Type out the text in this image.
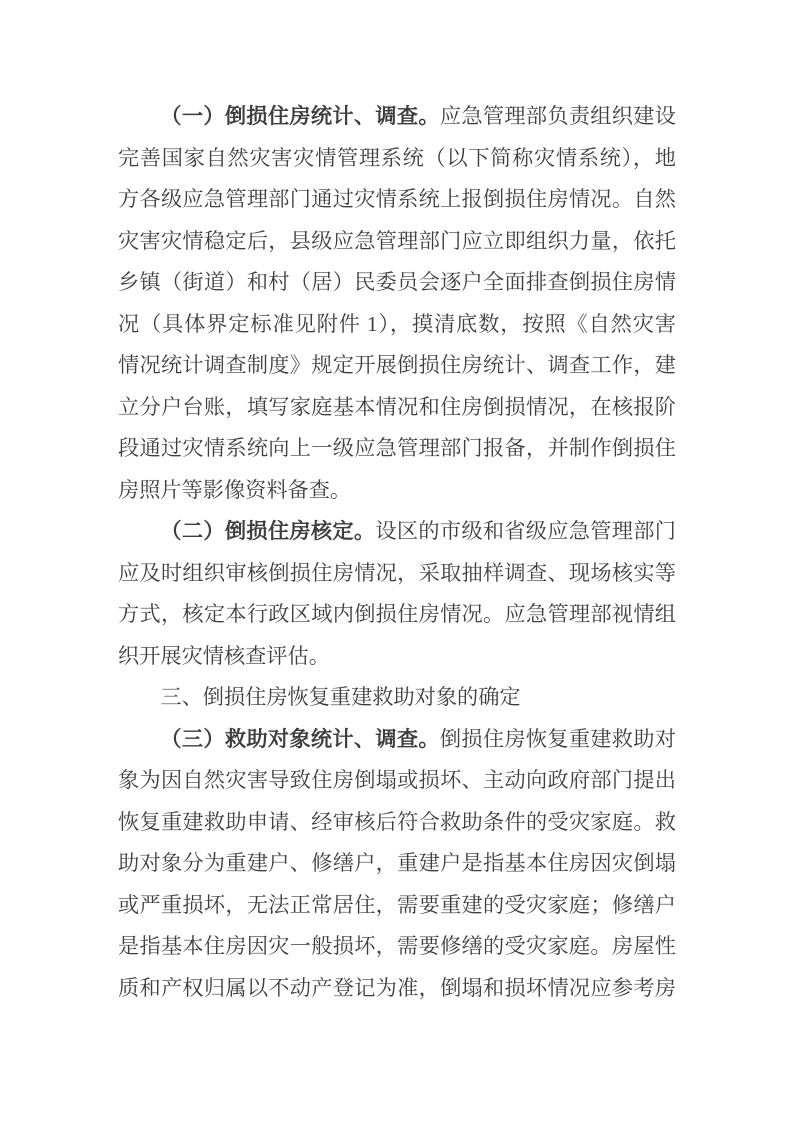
（一）倒损住房统计、调查。应急管理部负责组织建设
完善国家自然灾害灾情管理系统（以下简称灾情系统），地
方各级应急管理部门通过灾情系统上报倒损住房情况。自然
灾害灾情稳定后，县级应急管理部门应立即组织力量，依托
乡镇（街道）和村（居）民委员会逐户全面排查倒损住房情
况（具体界定标准见附件 1），摸清底数，按照《自然灾害
情况统计调查制度》规定开展倒损住房统计、调查工作，建
立分户台账，填写家庭基本情况和住房倒损情况，在核报阶
段通过灾情系统向上一级应急管理部门报备，并制作倒损住
房照片等影像资料备查。
（二）倒损住房核定。设区的市级和省级应急管理部门
应及时组织审核倒损住房情况，采取抽样调查、现场核实等
方式，核定本行政区域内倒损住房情况。应急管理部视情组
织开展灾情核查评估。
三、倒损住房恢复重建救助对象的确定
（三）救助对象统计、调查。倒损住房恢复重建救助对
象为因自然灾害导致住房倒塌或损坏、主动向政府部门提出
恢复重建救助申请、经审核后符合救助条件的受灾家庭。救
助对象分为重建户、修缮户，重建户是指基本住房因灾倒塌
或严重损坏，无法正常居住，需要重建的受灾家庭；修缮户
是指基本住房因灾一般损坏，需要修缮的受灾家庭。房屋性
质和产权归属以不动产登记为准，倒塌和损坏情况应参考房
